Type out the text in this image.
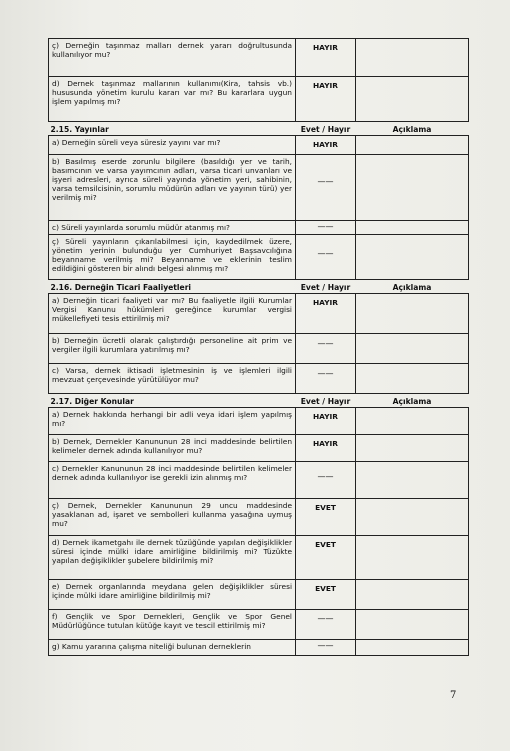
ç) Derneğin taşınmaz malları dernek yararı doğrultusunda kullanılıyor mu?	HAYIR	
d) Dernek taşınmaz mallarının kullanımı(Kira, tahsis vb.) hususunda yönetim kurulu kararı var mı? Bu kararlara uygun işlem yapılmış mı?	HAYIR	
2.15. Yayınlar	Evet / Hayır	Açıklama
a) Derneğin süreli veya süresiz yayını var mı?	HAYIR	
b) Basılmış eserde zorunlu bilgilere (basıldığı yer ve tarih, basımcının ve varsa yayımcının adları, varsa ticari unvanları ve işyeri adresleri, ayrıca süreli yayında yönetim yeri, sahibinin, varsa temsilcisinin, sorumlu müdürün adları ve yayının türü) yer verilmiş mi?	——	
c) Süreli yayınlarda sorumlu müdür atanmış mı?	——	
ç) Süreli yayınların çıkarılabilmesi için, kaydedilmek üzere, yönetim yerinin bulunduğu yer Cumhuriyet Başsavcılığına beyanname verilmiş mi? Beyanname ve eklerinin teslim edildiğini gösteren bir alındı belgesi alınmış mı?	——	
2.16. Derneğin Ticari Faaliyetleri	Evet / Hayır	Açıklama
a) Derneğin ticari faaliyeti var mı? Bu faaliyetle ilgili Kurumlar Vergisi Kanunu hükümleri gereğince kurumlar vergisi mükellefiyeti tesis ettirilmiş mi?	HAYIR	
b) Derneğin ücretli olarak çalıştırdığı personeline ait prim ve vergiler ilgili kurumlara yatırılmış mı?	——	
c) Varsa, dernek iktisadi işletmesinin iş ve işlemleri ilgili mevzuat çerçevesinde yürütülüyor mu?	——	
2.17. Diğer Konular	Evet / Hayır	Açıklama
a) Dernek hakkında herhangi bir adli veya idari işlem yapılmış mı?	HAYIR	
b) Dernek, Dernekler Kanununun 28 inci maddesinde belirtilen kelimeler dernek adında kullanılıyor mu?	HAYIR	
c) Dernekler Kanununun 28 inci maddesinde belirtilen kelimeler dernek adında kullanılıyor ise gerekli izin alınmış mı?	——	
ç) Dernek, Dernekler Kanununun 29 uncu maddesinde yasaklanan ad, işaret ve sembolleri kullanma yasağına uymuş mu?	EVET	
d) Dernek ikametgahı ile dernek tüzüğünde yapılan değişiklikler süresi içinde mülki idare amirliğine bildirilmiş mi? Tüzükte yapılan değişiklikler şubelere bildirilmiş mi?	EVET	
e) Dernek organlarında meydana gelen değişiklikler süresi içinde mülki idare amirliğine bildirilmiş mi?	EVET	
f) Gençlik ve Spor Dernekleri, Gençlik ve Spor Genel Müdürlüğünce tutulan kütüğe kayıt ve tescil ettirilmiş mi?	——	
g) Kamu yararına çalışma niteliği bulunan derneklerin	——	
7
